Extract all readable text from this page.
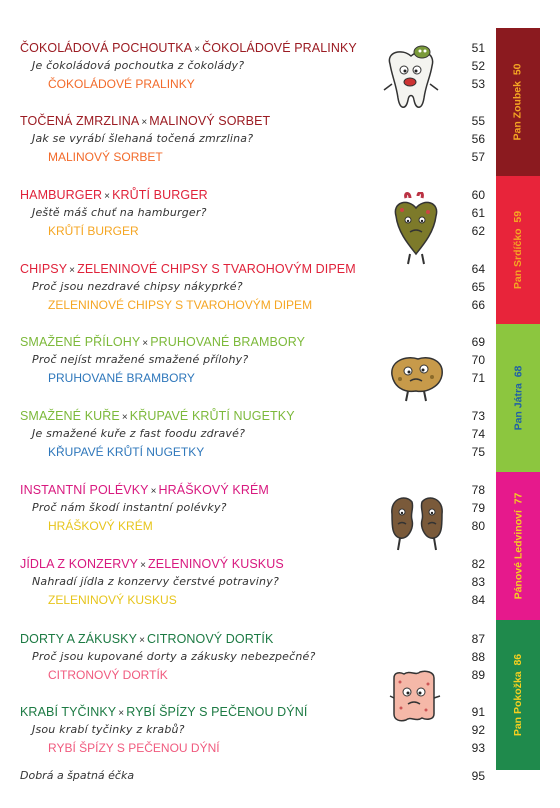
ČOKOLÁDOVÁ POCHOUTKA × ČOKOLÁDOVÉ PRALINKY	51
Je čokoládová pochoutka z čokolády?	52
ČOKOLÁDOVÉ PRALINKY	53
TOČENÁ ZMRZLINA × MALINOVÝ SORBET	55
Jak se vyrábí šlehaná točená zmrzlina?	56
MALINOVÝ SORBET	57
HAMBURGER × KRŮTÍ BURGER	60
Ještě máš chuť na hamburger?	61
KRŮTÍ BURGER	62
CHIPSY × ZELENINOVÉ CHIPSY S TVAROHOVÝM DIPEM	64
Proč jsou nezdravé chipsy nákyprké?	65
ZELENINOVÉ CHIPSY S TVAROHOVÝM DIPEM	66
SMAŽENÉ PŘÍLOHY × PRUHOVANÉ BRAMBORY	69
Proč nejíst mražené smažené přílohy?	70
PRUHOVANÉ BRAMBORY	71
SMAŽENÉ KUŘE × KŘUPAVÉ KRŮTÍ NUGETKY	73
Je smažené kuře z fast foodu zdravé?	74
KŘUPAVÉ KRŮTÍ NUGETKY	75
INSTANTNÍ POLÉVKY × HRÁŠKOVÝ KRÉM	78
Proč nám škodí instantní polévky?	79
HRÁŠKOVÝ KRÉM	80
JÍDLA Z KONZERVY × ZELENINOVÝ KUSKUS	82
Nahradí jídla z konzervy čerstvé potraviny?	83
ZELENINOVÝ KUSKUS	84
DORTY A ZÁKUSKY × CITRONOVÝ DORTÍK	87
Proč jsou kupované dorty a zákusky nebezpečné?	88
CITRONOVÝ DORTÍK	89
KRABÍ TYČINKY × RYBÍ ŠPÍZY S PEČENOU DÝNÍ	91
Jsou krabí tyčinky z krabů?	92
RYBÍ ŠPÍZY S PEČENOU DÝNÍ	93
Dobrá a špatná éčka	95
Pan Zoubek  50
Pan Srdíčko  59
Pan Játra  68
Pánové Ledvinoví  77
Pan Pokožka  86
